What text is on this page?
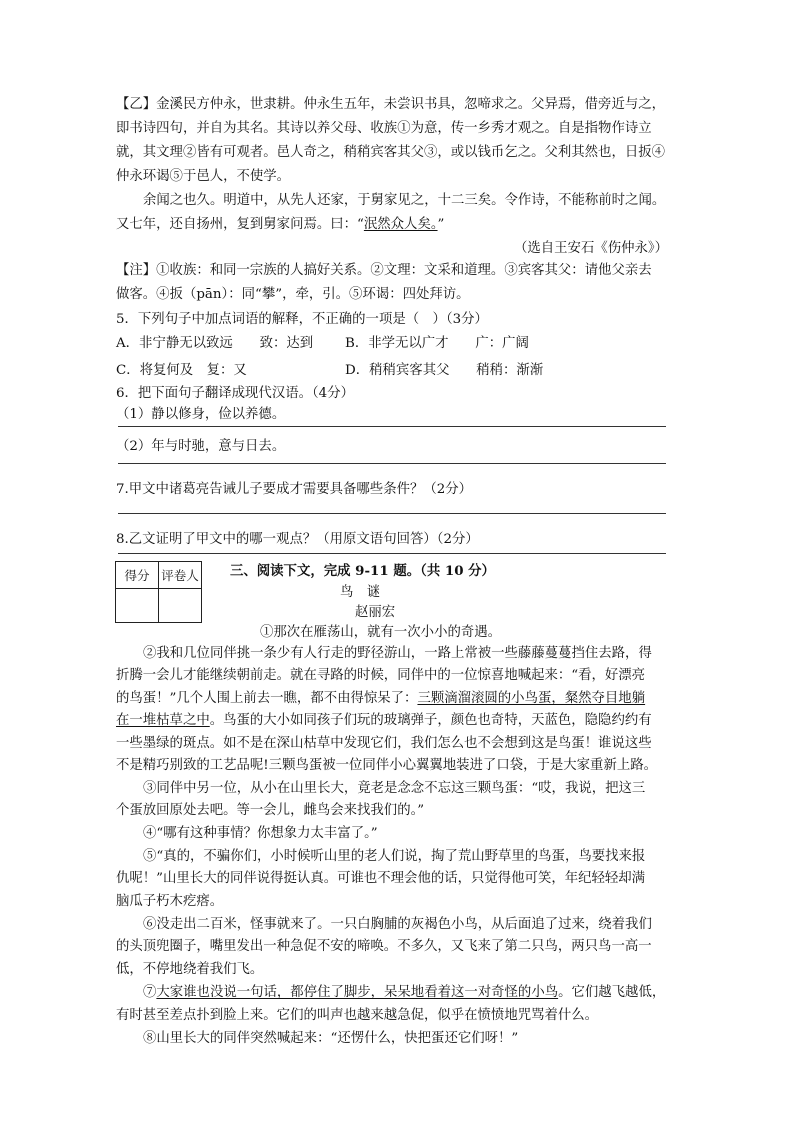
【乙】金溪民方仲永，世隶耕。仲永生五年，未尝识书具，忽啼求之。父异焉，借旁近与之，
即书诗四句，并自为其名。其诗以养父母、收族①为意，传一乡秀才观之。自是指物作诗立
就，其文理②皆有可观者。邑人奇之，稍稍宾客其父③，或以钱币乞之。父利其然也，日扳④
仲永环谒⑤于邑人，不使学。
余闻之也久。明道中，从先人还家，于舅家见之，十二三矣。令作诗，不能称前时之闻。
又七年，还自扬州，复到舅家问焉。曰：“泯然众人矣。”
（选自王安石《伤仲永》）
【注】①收族：和同一宗族的人搞好关系。②文理：文采和道理。③宾客其父：请他父亲去
做客。④扳（pān）：同“攀”，牵，引。⑤环谒：四处拜访。
5．下列句子中加点词语的解释，不正确的一项是（　）（3分）
A．非宁静无以致远　　致：达到 B．非学无以广才　　广：广阔
C．将复何及　复：又	D．稍稍宾客其父　　稍稍：渐渐
6．把下面句子翻译成现代汉语。（4分）
（1）静以修身，俭以养德。
（2）年与时驰，意与日去。
7.甲文中诸葛亮告诫儿子要成才需要具备哪些条件？（2分）
8.乙文证明了甲文中的哪一观点？（用原文语句回答）（2分）
得分	评卷人
	三、阅读下文，完成 9-11 题。（共 10 分）
鸟　谜
赵丽宏
①那次在雁荡山，就有一次小小的奇遇。
②我和几位同伴挑一条少有人行走的野径游山，一路上常被一些藤藤蔓蔓挡住去路，得
折腾一会儿才能继续朝前走。就在寻路的时候，同伴中的一位惊喜地喊起来：“看，好漂亮
的鸟蛋！”几个人围上前去一瞧，都不由得惊呆了：三颗滴溜滚圆的小鸟蛋，粲然夺目地躺
在一堆枯草之中。鸟蛋的大小如同孩子们玩的玻璃弹子，颜色也奇特，天蓝色，隐隐约约有
一些墨绿的斑点。如不是在深山枯草中发现它们，我们怎么也不会想到这是鸟蛋！谁说这些
不是精巧别致的工艺品呢!三颗鸟蛋被一位同伴小心翼翼地装进了口袋，于是大家重新上路。
③同伴中另一位，从小在山里长大，竟老是念念不忘这三颗鸟蛋：“哎，我说，把这三
个蛋放回原处去吧。等一会儿，雌鸟会来找我们的。”
④“哪有这种事情？你想象力太丰富了。”
⑤“真的，不骗你们，小时候听山里的老人们说，掏了荒山野草里的鸟蛋，鸟要找来报
仇呢！”山里长大的同伴说得挺认真。可谁也不理会他的话，只觉得他可笑，年纪轻轻却满
脑瓜子朽木疙瘩。
⑥没走出二百米，怪事就来了。一只白胸脯的灰褐色小鸟，从后面追了过来，绕着我们
的头顶兜圈子，嘴里发出一种急促不安的啼唤。不多久，又飞来了第二只鸟，两只鸟一高一
低，不停地绕着我们飞。
⑦大家谁也没说一句话，都停住了脚步，呆呆地看着这一对奇怪的小鸟。它们越飞越低，
有时甚至差点扑到脸上来。它们的叫声也越来越急促，似乎在愤愤地咒骂着什么。
⑧山里长大的同伴突然喊起来：“还愣什么，快把蛋还它们呀！”
